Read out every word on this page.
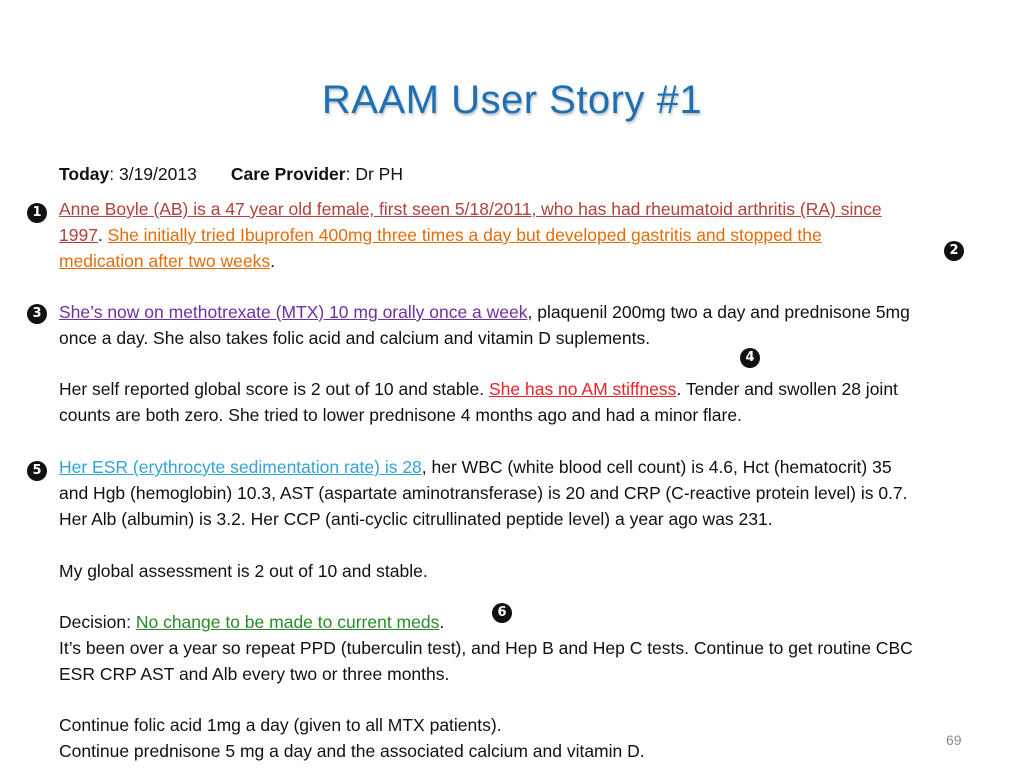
RAAM User Story #1
Today: 3/19/2013 Care Provider: Dr PH
1 Anne Boyle (AB) is a 47 year old female, first seen 5/18/2011, who has had rheumatoid arthritis (RA) since
1997. She initially tried Ibuprofen 400mg three times a day but developed gastritis and stopped the
medication after two weeks.
2
3 She’s now on methotrexate (MTX) 10 mg orally once a week, plaquenil 200mg two a day and prednisone 5mg
once a day. She also takes folic acid and calcium and vitamin D suplements.
4
Her self reported global score is 2 out of 10 and stable. She has no AM stiffness. Tender and swollen 28 joint
counts are both zero. She tried to lower prednisone 4 months ago and had a minor flare.
5 Her ESR (erythrocyte sedimentation rate) is 28, her WBC (white blood cell count) is 4.6, Hct (hematocrit) 35
and Hgb (hemoglobin) 10.3, AST (aspartate aminotransferase) is 20 and CRP (C-reactive protein level) is 0.7.
Her Alb (albumin) is 3.2. Her CCP (anti-cyclic citrullinated peptide level) a year ago was 231.
My global assessment is 2 out of 10 and stable.
Decision: No change to be made to current meds.	6
It’s been over a year so repeat PPD (tuberculin test), and Hep B and Hep C tests. Continue to get routine CBC
ESR CRP AST and Alb every two or three months.
Continue folic acid 1mg a day (given to all MTX patients).
Continue prednisone 5 mg a day and the associated calcium and vitamin D.
69
